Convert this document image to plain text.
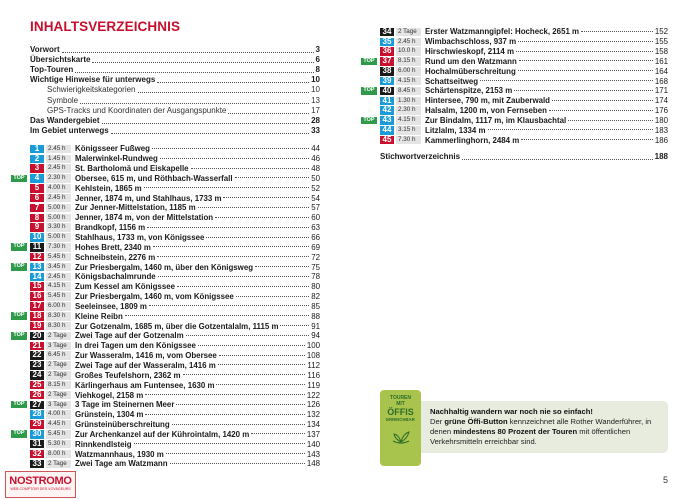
INHALTSVERZEICHNIS
Vorwort	3
Übersichtskarte	6
Top-Touren	8
Wichtige Hinweise für unterwegs	10
Schwierigkeitskategorien	10
Symbole	13
GPS-Tracks und Koordinaten der Ausgangspunkte	17
Das Wandergebiet	28
Im Gebiet unterwegs	33
1	2.45 h	Königsseer Fußweg	44
2	1.45 h	Malerwinkel-Rundweg	46
3	2.45 h	St. Bartholomä und Eiskapelle	48
TOP	4	2.30 h	Obersee, 615 m, und Röthbach-Wasserfall	50
5	4.00 h	Kehlstein, 1865 m	52
6	2.45 h	Jenner, 1874 m, und Stahlhaus, 1733 m	54
7	5.00 h	Zur Jenner-Mittelstation, 1185 m	57
8	5.00 h	Jenner, 1874 m, von der Mittelstation	60
9	3.30 h	Brandkopf, 1156 m	63
10	5.00 h	Stahlhaus, 1733 m, von Königssee	66
TOP	11	7.30 h	Hohes Brett, 2340 m	69
12	5.45 h	Schneibstein, 2276 m	72
TOP 13	3.45 h	Zur Priesbergalm, 1460 m, über den Königsweg	75
14	2.45 h	Königsbachalmrunde	78
15	4.15 h	Zum Kessel am Königssee	80
16	5.45 h	Zur Priesbergalm, 1460 m, vom Königssee	82
17	6.00 h	Seeleinsee, 1809 m	85
TOP 18	8.30 h	Kleine Reibn	88
19	8.30 h	Zur Gotzenalm, 1685 m, über die Gotzentalalm, 1115 m	91
TOP 20	2 Tage	Zwei Tage auf der Gotzenalm	94
21	3 Tage	In drei Tagen um den Königssee	100
22	6.45 h	Zur Wasseralm, 1416 m, vom Obersee	108
23	2 Tage	Zwei Tage auf der Wasseralm, 1416 m	112
24	2 Tage	Großes Teufelshorn, 2362 m	116
25	8.15 h	Kärlingerhaus am Funtensee, 1630 m	119
26	2 Tage	Viehkogel, 2158 m	122
TOP 27	3 Tage	3 Tage im Steinernen Meer	126
28	4.00 h	Grünstein, 1304 m	132
29	4.45 h	Grünsteinüberschreitung	134
TOP 30	5.45 h	Zur Archenkanzel auf der Kührointalm, 1420 m	137
31	5.30 h	Rinnkendlsteig	140
32	8.00 h	Watzmannhaus, 1930 m	143
33	2 Tage	Zwei Tage am Watzmann	148
34	2 Tage	Erster Watzmanngipfel: Hocheck, 2651 m	152
35	2.45 h	Wimbachschloss, 937 m	155
36	10.0 h	Hirschwieskopf, 2114 m	158
TOP 37	8.15 h	Rund um den Watzmann	161
38	6.00 h	Hochalmüberschreitung	164
39	4.15 h	Schattseitweg	168
TOP 40	8.45 h	Schärtenspitze, 2153 m	171
41	1.30 h	Hintersee, 790 m, mit Zauberwald	174
42	2.30 h	Halsalm, 1200 m, von Fernseben	176
TOP 43	4.15 h	Zur Bindalm, 1117 m, im Klausbachtal	180
44	3.15 h	Litzlalm, 1334 m	183
45	7.30 h	Kammerlinghorn, 2484 m	186
Stichwortverzeichnis	188
TOUREN
MIT
ÖFFIS
ERREICHBAR
Nachhaltig wandern war noch nie so einfach!
Der grüne Öffi-Button kennzeichnet alle Rother Wanderführer, in denen mindestens 80 Prozent der Touren mit öffentlichen Verkehrsmitteln erreichbar sind.
5
NOSTROMO
WEB COMPTOIR DES VOYAGEURS
